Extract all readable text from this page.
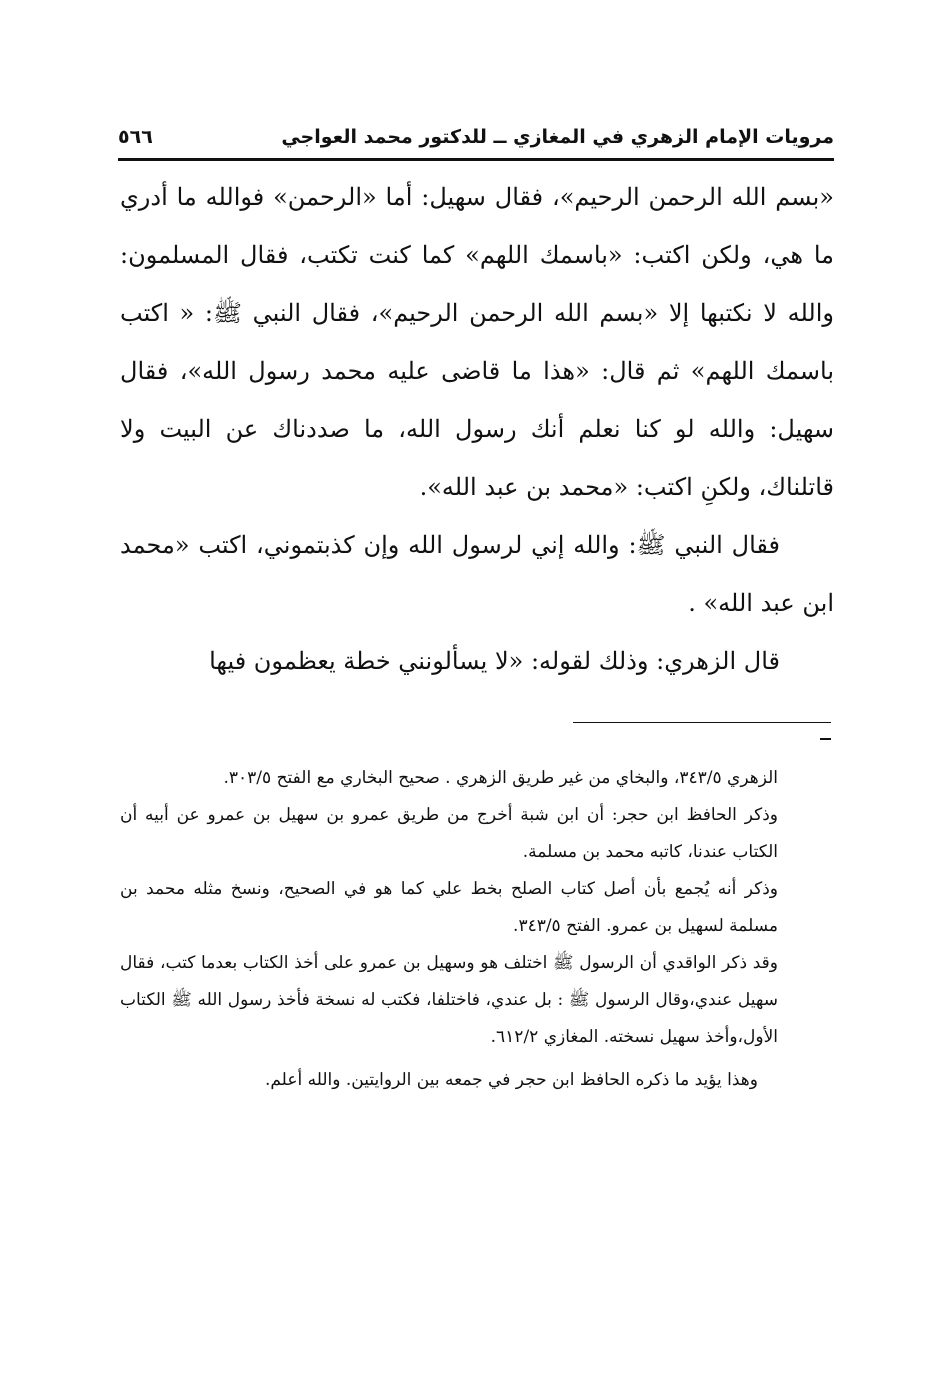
مرويات الإمام الزهري في المغازي ــ للدكتور محمد العواجي
٥٦٦

«بسم الله الرحمن الرحيم»، فقال سهيل: أما «الرحمن» فوالله ما أدري ما هي، ولكن اكتب: «باسمك اللهم» كما كنت تكتب، فقال المسلمون: والله لا نكتبها إلا «بسم الله الرحمن الرحيم»، فقال النبي ﷺ: « اكتب باسمك اللهم» ثم قال: «هذا ما قاضى عليه محمد رسول الله»، فقال سهيل: والله لو كنا نعلم أنك رسول الله، ما صددناك عن البيت ولا قاتلناك، ولكنِ اكتب: «محمد بن عبد الله».

فقال النبي ﷺ: والله إني لرسول الله وإن كذبتموني، اكتب «محمد ابن عبد الله» .

قال الزهري: وذلك لقوله: «لا يسألونني خطة يعظمون فيها

الزهري ٣٤٣/٥، والبخاي من غير طريق الزهري . صحيح البخاري مع الفتح ٣٠٣/٥.

وذكر الحافظ ابن حجر: أن ابن شبة أخرج من طريق عمرو بن سهيل بن عمرو عن أبيه أن الكتاب عندنا، كاتبه محمد بن مسلمة.

وذكر أنه يُجمع بأن أصل كتاب الصلح بخط علي كما هو في الصحيح، ونسخ مثله محمد بن مسلمة لسهيل بن عمرو. الفتح ٣٤٣/٥.

وقد ذكر الواقدي أن الرسول ﷺ اختلف هو وسهيل بن عمرو على أخذ الكتاب بعدما كتب، فقال سهيل عندي،وقال الرسول ﷺ : بل عندي، فاختلفا، فكتب له نسخة فأخذ رسول الله ﷺ الكتاب الأول،وأخذ سهيل نسخته. المغازي ٦١٢/٢.

وهذا يؤيد ما ذكره الحافظ ابن حجر في جمعه بين الروايتين. والله أعلم.
